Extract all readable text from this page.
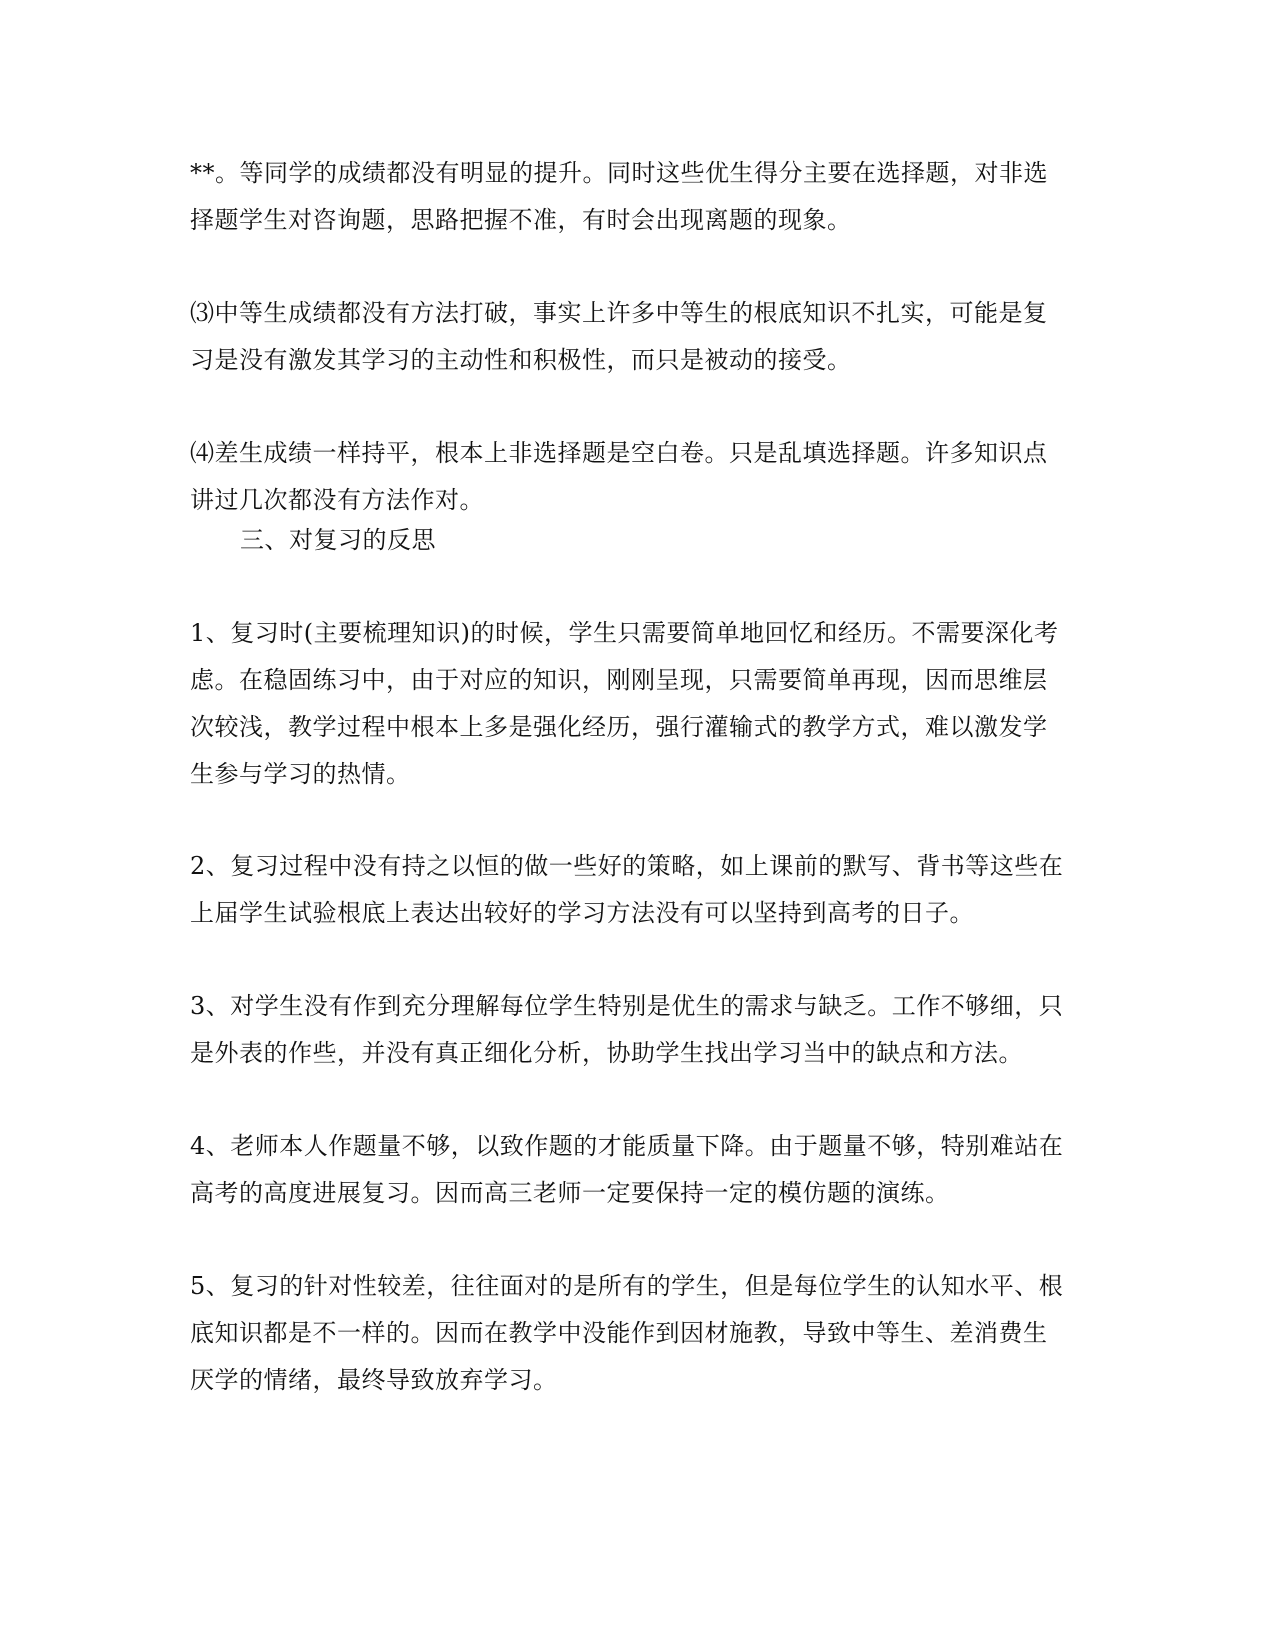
**。等同学的成绩都没有明显的提升。同时这些优生得分主要在选择题，对非选
择题学生对咨询题，思路把握不准，有时会出现离题的现象。

⑶中等生成绩都没有方法打破，事实上许多中等生的根底知识不扎实，可能是复
习是没有激发其学习的主动性和积极性，而只是被动的接受。

⑷差生成绩一样持平，根本上非选择题是空白卷。只是乱填选择题。许多知识点
讲过几次都没有方法作对。

三、对复习的反思

1、复习时(主要梳理知识)的时候，学生只需要简单地回忆和经历。不需要深化考
虑。在稳固练习中，由于对应的知识，刚刚呈现，只需要简单再现，因而思维层
次较浅，教学过程中根本上多是强化经历，强行灌输式的教学方式，难以激发学
生参与学习的热情。

2、复习过程中没有持之以恒的做一些好的策略，如上课前的默写、背书等这些在
上届学生试验根底上表达出较好的学习方法没有可以坚持到高考的日子。

3、对学生没有作到充分理解每位学生特别是优生的需求与缺乏。工作不够细，只
是外表的作些，并没有真正细化分析，协助学生找出学习当中的缺点和方法。

4、老师本人作题量不够，以致作题的才能质量下降。由于题量不够，特别难站在
高考的高度进展复习。因而高三老师一定要保持一定的模仿题的演练。

5、复习的针对性较差，往往面对的是所有的学生，但是每位学生的认知水平、根
底知识都是不一样的。因而在教学中没能作到因材施教，导致中等生、差消费生
厌学的情绪，最终导致放弃学习。
